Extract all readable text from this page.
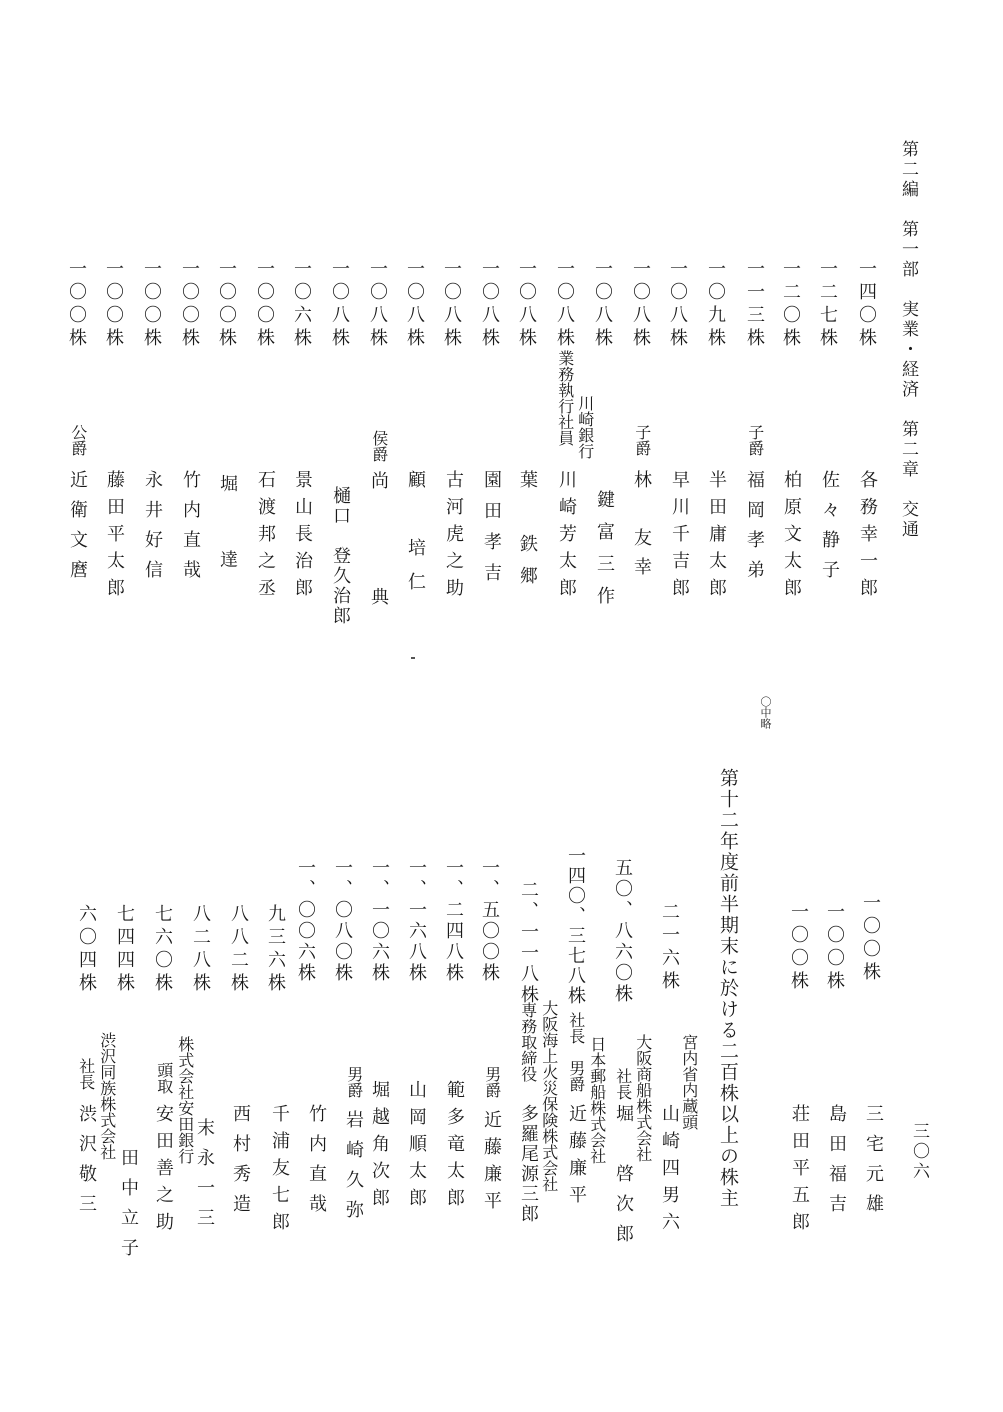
第二編　第一部　実業・経済　第二章　交通
三〇六
〇中略
第十二年度前半期末に於ける二百株以上の株主
一四〇株
各務幸一郎
一二七株
佐々静子
一二〇株
柏原文太郎
一一三株
子爵
福岡孝弟
一〇九株
半田庸太郎
一〇八株
早川千吉郎
一〇八株
子爵
林　友幸
一〇八株
鍵富三作
一〇八株
川崎銀行
業務執行社員
川崎芳太郎
一〇八株
葉　鉄郷
一〇八株
園田孝吉
一〇八株
古河虎之助
一〇八株
顧　培仁
一〇八株
侯爵
尚　典
一〇八株
樋口　登久治郎
一〇六株
景山長治郎
一〇〇株
石渡邦之丞
一〇〇株
堀　達
一〇〇株
竹内直哉
一〇〇株
永井好信
一〇〇株
藤田平太郎
一〇〇株
公爵
近衛文麿
一〇〇株
三宅元雄
一〇〇株
島田福吉
一〇〇株
荘田平五郎
二一六株
宮内省内蔵頭
山崎四男六
五〇、八六〇株
大阪商船株式会社
社長
堀　啓次郎
一四〇、三七八株
日本郵船株式会社
社長　男爵
近藤廉平
二、一一八株
大阪海上火災保険株式会社
専務取締役
多羅尾源三郎
一、五〇〇株
男爵
近藤廉平
一、二四八株
範多竜太郎
一、一六八株
山岡順太郎
一、一〇六株
堀越角次郎
一、〇八〇株
男爵
岩崎久弥
一、〇〇六株
竹内直哉
九三六株
千浦友七郎
八八二株
西村秀造
八二八株
株式会社安田銀行
頭取
末永一三
七六〇株
安田善之助
七四四株
田中立子
六〇四株
渋沢同族株式会社
社長
渋沢敬三
